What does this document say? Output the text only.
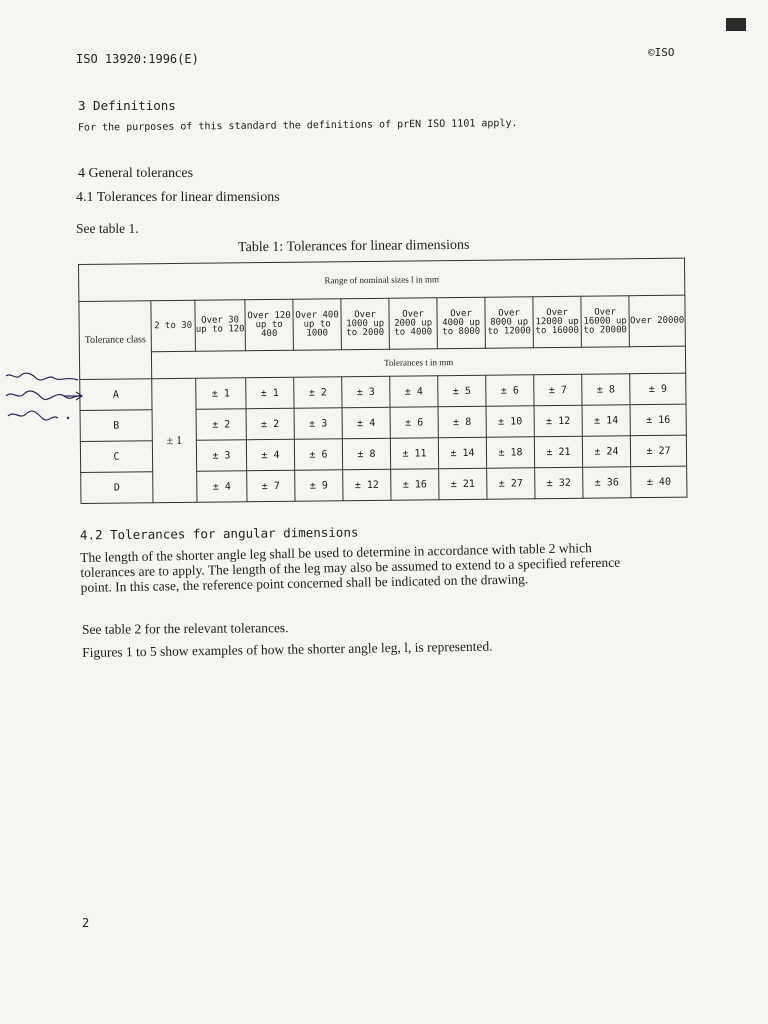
ISO 13920:1996(E)	©ISO
3 Definitions
For the purposes of this standard the definitions of prEN ISO 1101 apply.
4 General tolerances
4.1 Tolerances for linear dimensions
See table 1.
Table 1: Tolerances for linear dimensions
Range of nominal sizes l in mm											
Tolerance class	2 to 30	Over 30 up to 120	Over 120 up to 400	Over 400 up to 1000	Over 1000 up to 2000	Over 2000 up to 4000	Over 4000 up to 8000	Over 8000 up to 12000	Over 12000 up to 16000	Over 16000 up to 20000	Over 20000
	Tolerances t in mm										
A	± 1	± 1	± 1	± 2	± 3	± 4	± 5	± 6	± 7	± 8	± 9
B		± 2	± 2	± 3	± 4	± 6	± 8	± 10	± 12	± 14	± 16
C		± 3	± 4	± 6	± 8	± 11	± 14	± 18	± 21	± 24	± 27
D		± 4	± 7	± 9	± 12	± 16	± 21	± 27	± 32	± 36	± 40
4.2 Tolerances for angular dimensions
The length of the shorter angle leg shall be used to determine in accordance with table 2 which tolerances are to apply. The length of the leg may also be assumed to extend to a specified reference point. In this case, the reference point concerned shall be indicated on the drawing.
See table 2 for the relevant tolerances.
Figures 1 to 5 show examples of how the shorter angle leg, l, is represented.
2
